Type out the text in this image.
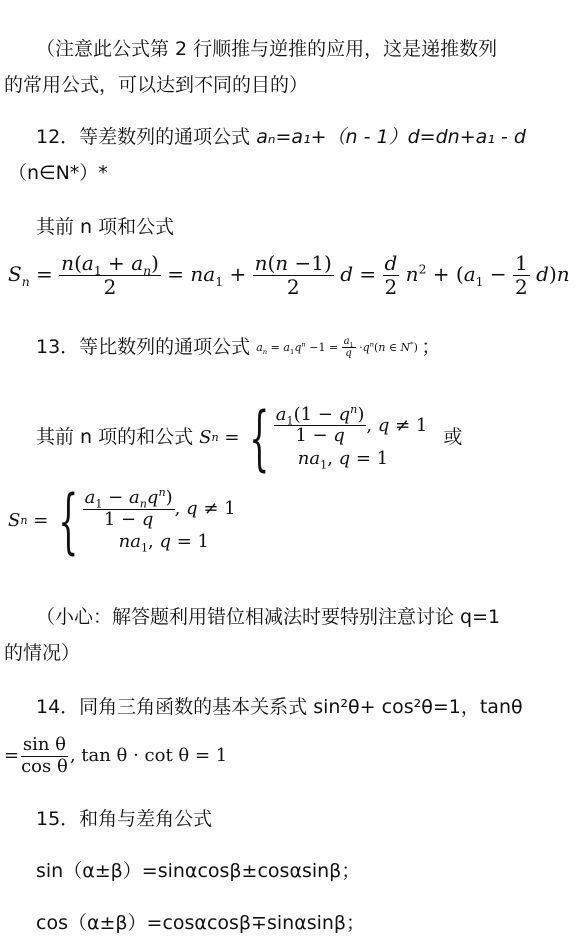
（注意此公式第 2 行顺推与逆推的应用，这是递推数列
的常用公式，可以达到不同的目的）
12．等差数列的通项公式 aₙ=a₁+（n - 1）d=dn+a₁ - d
（n∈N*）*
其前 n 项和公式
$S_n = \frac{n(a_1 + a_n)}{2} = na_1 + \frac{n(n -1)}{2}$ $d = \frac{d}{2} n^2 + (a_1 - \frac{1}{2} d)n$
13．等比数列的通项公式 $a_n = a_1q^n -1 = \frac{a_1}{q} \cdot q^n(n$ ∈ N*) ；
其前 n 项的和公式 S n = { $\frac{a_1(1 - q^n)}{1 - q}$ , q ≠ 1
$na_1$, q = 1
或
S n = { $\frac{a_1 - a_nq^n)}{1 - q}$ , q ≠ 1
$na_1$, q = 1
（小心：解答题利用错位相减法时要特别注意讨论 q=1
的情况）
14．同角三角函数的基本关系式 sin²θ+ cos²θ=1，tanθ
= $\frac{\text{sin θ}}{\text{cos θ}}$ , tan θ · cot θ = 1
15．和角与差角公式
sin（α±β）=sinαcosβ±cosαsinβ；
cos（α±β）=cosαcosβ∓sinαsinβ；
